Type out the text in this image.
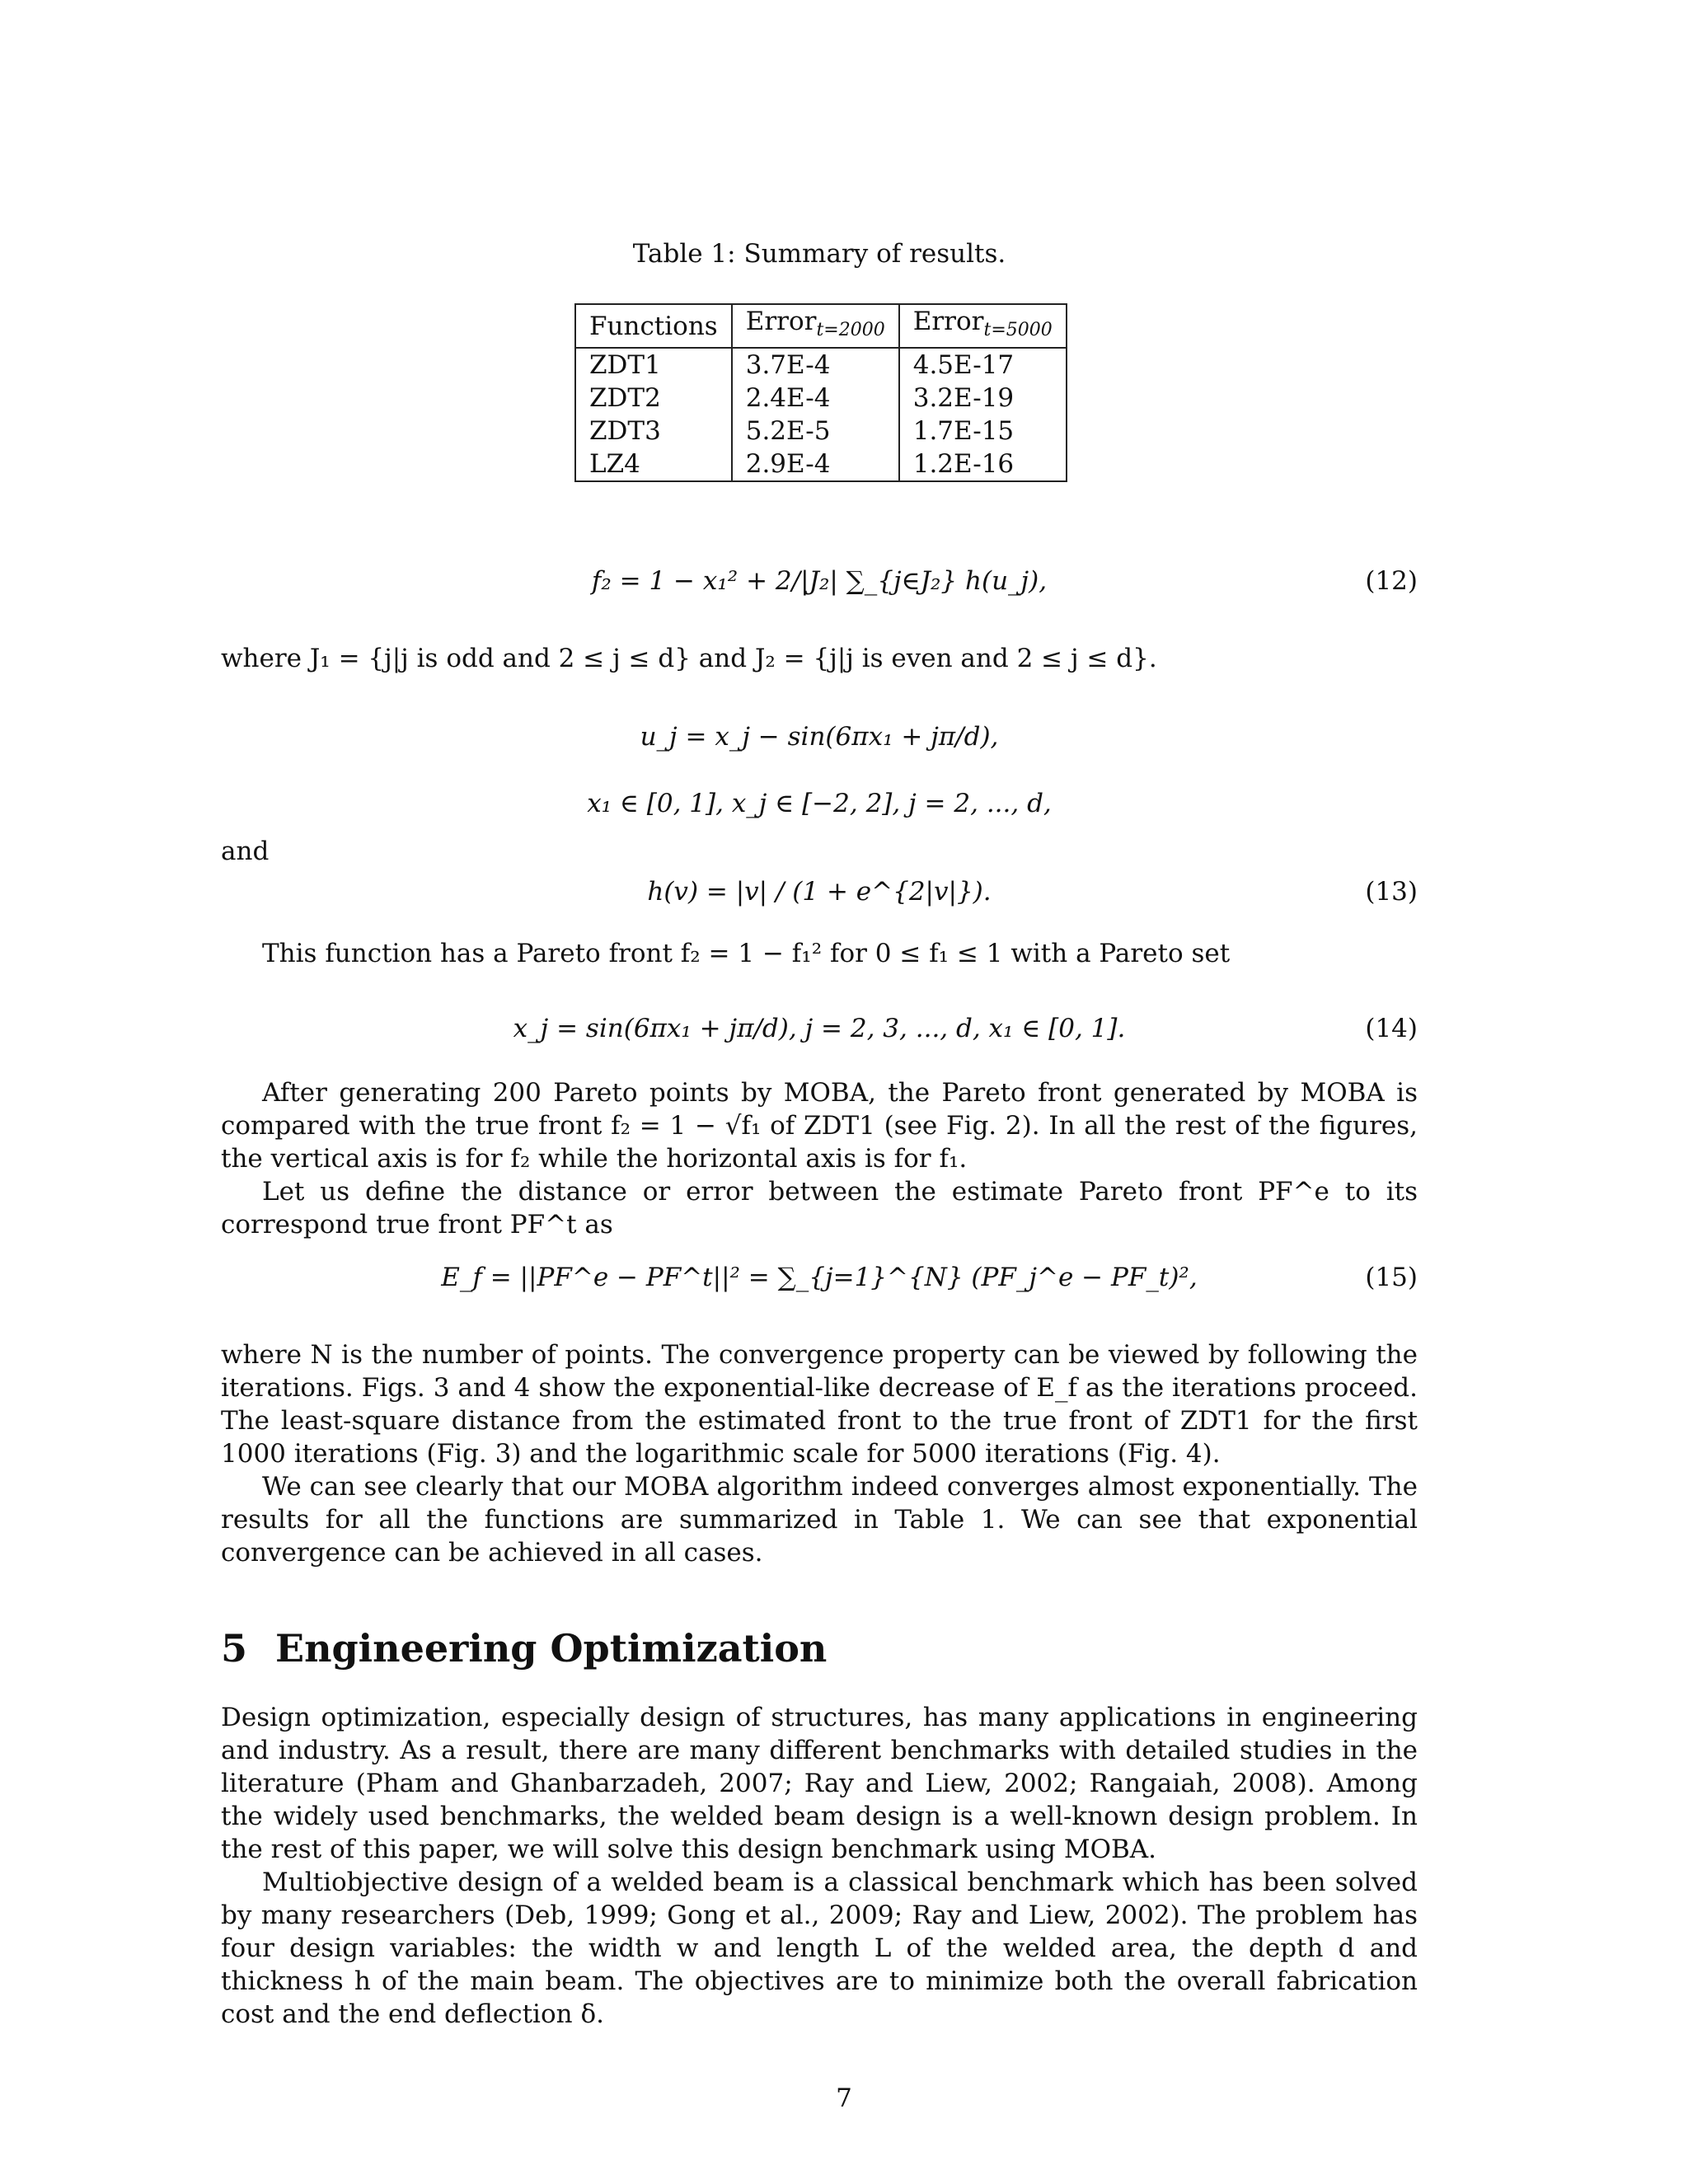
Table 1: Summary of results.
Functions	Error$_{t=2000}$	Error$_{t=5000}$
ZDT1	3.7E-4	4.5E-17
ZDT2	2.4E-4	3.2E-19
ZDT3	5.2E-5	1.7E-15
LZ4	2.9E-4	1.2E-16
f₂ = 1 − x₁² + 2/|J₂| ∑_{j∈J₂} h(u_j),	(12)
where J₁ = {j|j is odd and 2 ≤ j ≤ d} and J₂ = {j|j is even and 2 ≤ j ≤ d}.
u_j = x_j − sin(6πx₁ + jπ/d),
x₁ ∈ [0, 1], x_j ∈ [−2, 2], j = 2, ..., d,
and
h(v) = |v| / (1 + e^{2|v|}).	(13)
This function has a Pareto front f₂ = 1 − f₁² for 0 ≤ f₁ ≤ 1 with a Pareto set
x_j = sin(6πx₁ + jπ/d), j = 2, 3, ..., d, x₁ ∈ [0, 1].	(14)

After generating 200 Pareto points by MOBA, the Pareto front generated by MOBA is compared with the true front f₂ = 1 − √f₁ of ZDT1 (see Fig. 2). In all the rest of the figures, the vertical axis is for f₂ while the horizontal axis is for f₁.

Let us define the distance or error between the estimate Pareto front PF^e to its correspond true front PF^t as

E_f = ||PF^e − PF^t||² = ∑_{j=1}^{N} (PF_j^e − PF_t)²,	(15)

where N is the number of points. The convergence property can be viewed by following the iterations. Figs. 3 and 4 show the exponential-like decrease of E_f as the iterations proceed. The least-square distance from the estimated front to the true front of ZDT1 for the first 1000 iterations (Fig. 3) and the logarithmic scale for 5000 iterations (Fig. 4).

We can see clearly that our MOBA algorithm indeed converges almost exponentially. The results for all the functions are summarized in Table 1. We can see that exponential convergence can be achieved in all cases.

5 Engineering Optimization

Design optimization, especially design of structures, has many applications in engineering and industry. As a result, there are many different benchmarks with detailed studies in the literature (Pham and Ghanbarzadeh, 2007; Ray and Liew, 2002; Rangaiah, 2008). Among the widely used benchmarks, the welded beam design is a well-known design problem. In the rest of this paper, we will solve this design benchmark using MOBA.

Multiobjective design of a welded beam is a classical benchmark which has been solved by many researchers (Deb, 1999; Gong et al., 2009; Ray and Liew, 2002). The problem has four design variables: the width w and length L of the welded area, the depth d and thickness h of the main beam. The objectives are to minimize both the overall fabrication cost and the end deflection δ.

7
